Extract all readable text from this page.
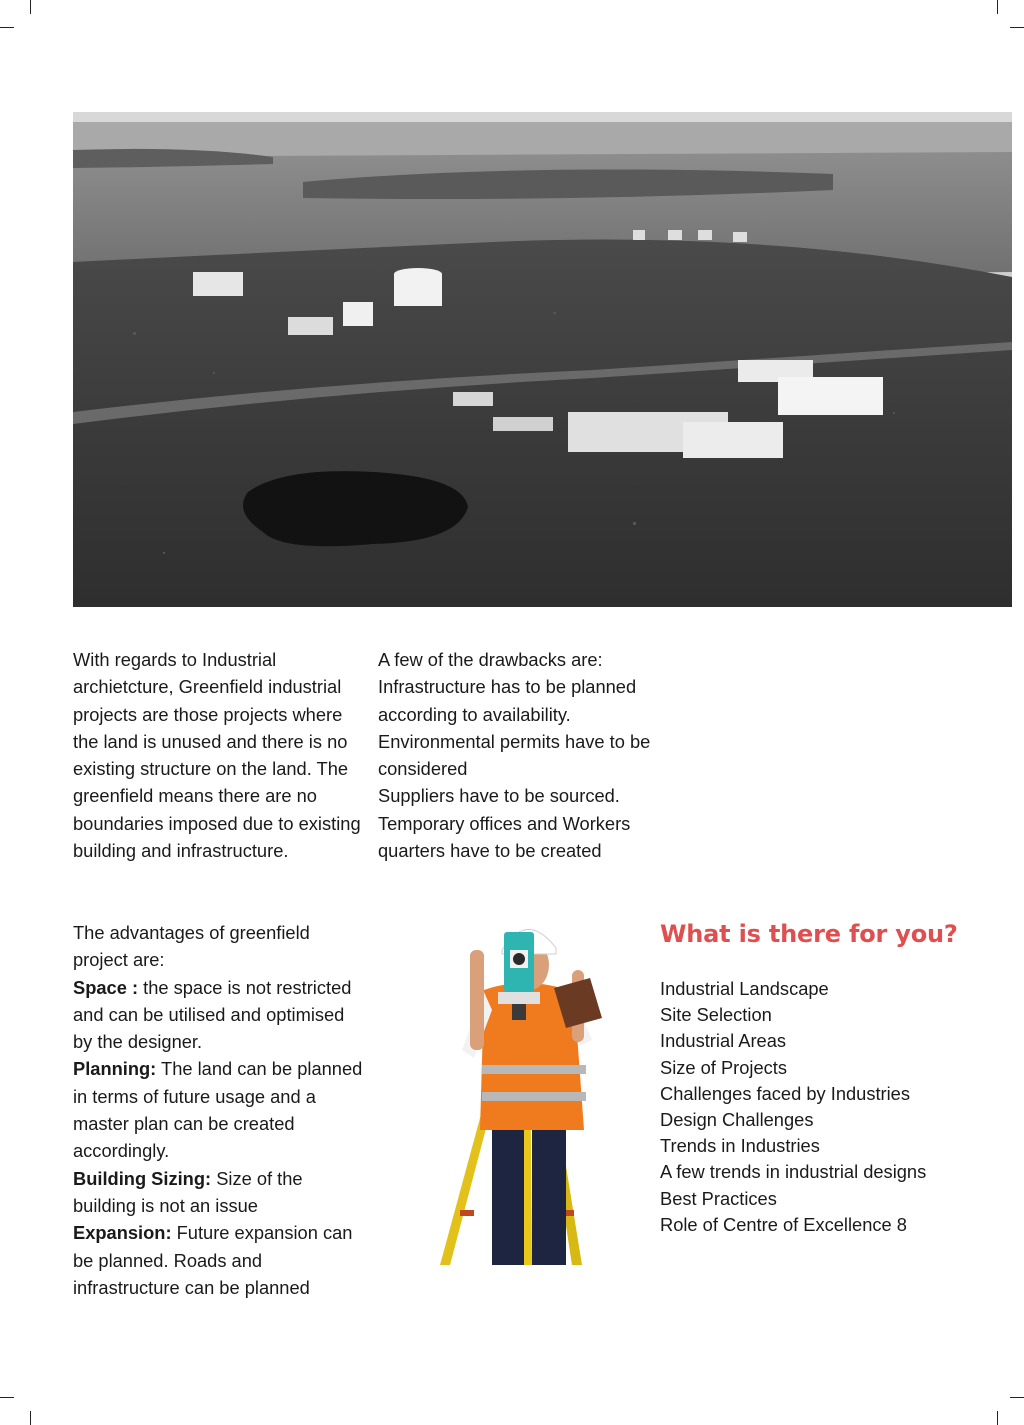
With regards to Industrial archietcture, Greenfield industrial projects are those projects where the land is unused and there is no existing structure on the land. The greenfield means there are no boundaries imposed due to existing building and infrastructure.

A few of the drawbacks are:

Infrastructure has to be planned according to availability.

Environmental permits have to be considered

Suppliers have to be sourced.

Temporary offices and Workers quarters have to be created

The advantages of greenfield project are:

Space : the space is not restricted and can be utilised and optimised by the designer.

Planning: The land can be planned in terms of future usage and a master plan can be created accordingly.

Building Sizing: Size of the building is not an issue

Expansion: Future expansion can be planned. Roads and infrastructure can be planned

What is there for you?
Industrial Landscape
Site Selection
Industrial Areas
Size of Projects
Challenges faced by Industries
Design Challenges
Trends in Industries
A few trends in industrial designs
Best Practices
Role of Centre of Excellence 8
